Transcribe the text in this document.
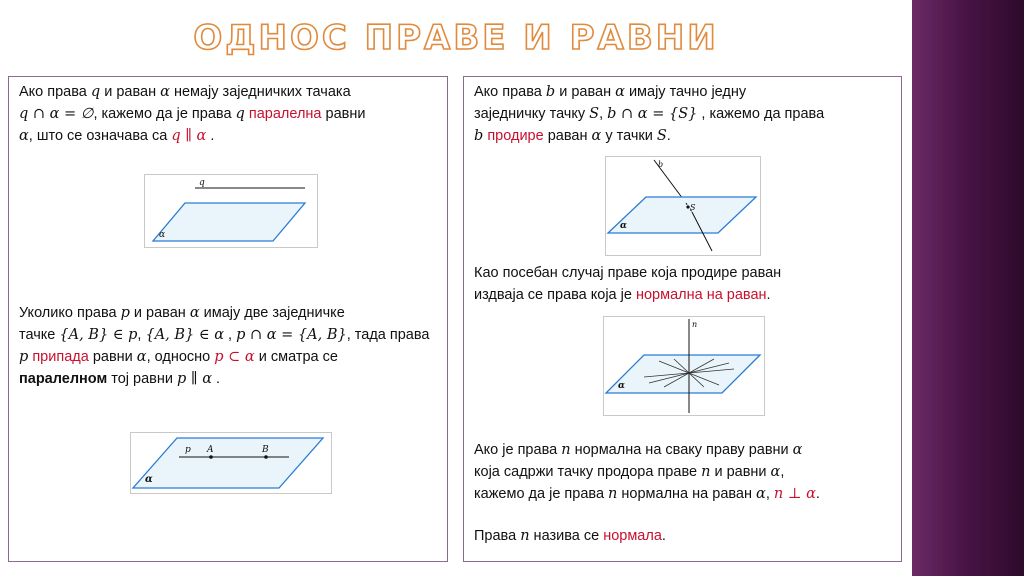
ОДНОС ПРАВЕ И РАВНИ
Ако права q и раван α немају заједничких тачака
q ∩ α = ∅, кажемо да је права q паралелна равни
α, што се означава са q ∥ α .
q
α
Уколико права p и раван α имају две заједничке
тачке {A, B} ∈ p, {A, B} ∈ α , p ∩ α = {A, B}, тада права
p припада равни α, односно p ⊂ α и сматра се
паралелном тој равни p ∥ α .
p A	B
α
Ако права b и раван α имају тачно једну
заједничку тачку S, b ∩ α = {S} , кажемо да права
b продире раван α у тачки S.
b
S
α
Као посебан случај праве која продире раван
издваја се права која је нормална на раван.
n
α
Ако је права n нормална на сваку праву равни α
која садржи тачку продора праве n и равни α,
кажемо да је права n нормална на раван α, n ⊥ α.
Права n назива се нормала.
